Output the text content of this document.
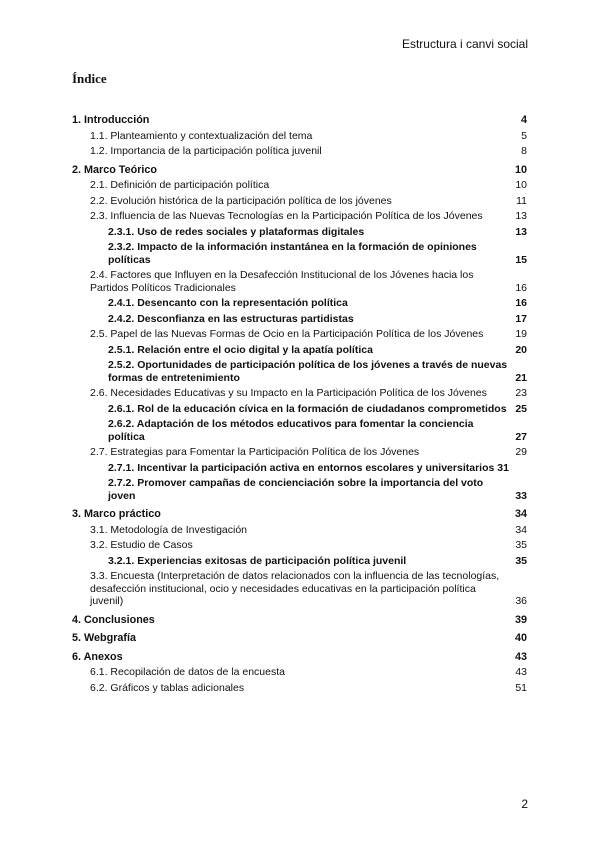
Estructura i canvi social
Índice
1. Introducción	4
1.1. Planteamiento y contextualización del tema	5
1.2. Importancia de la participación política juvenil	8
2. Marco Teórico	10
2.1. Definición de participación política	10
2.2. Evolución histórica de la participación política de los jóvenes	11
2.3. Influencia de las Nuevas Tecnologías en la Participación Política de los Jóvenes	13
2.3.1. Uso de redes sociales y plataformas digitales	13
2.3.2. Impacto de la información instantánea en la formación de opiniones políticas	15
2.4. Factores que Influyen en la Desafección Institucional de los Jóvenes hacia los Partidos Políticos Tradicionales	16
2.4.1. Desencanto con la representación política	16
2.4.2. Desconfianza en las estructuras partidistas	17
2.5. Papel de las Nuevas Formas de Ocio en la Participación Política de los Jóvenes	19
2.5.1. Relación entre el ocio digital y la apatía política	20
2.5.2. Oportunidades de participación política de los jóvenes a través de nuevas formas de entretenimiento	21
2.6. Necesidades Educativas y su Impacto en la Participación Política de los Jóvenes	23
2.6.1. Rol de la educación cívica en la formación de ciudadanos comprometidos 25
2.6.2. Adaptación de los métodos educativos para fomentar la conciencia política	27
2.7. Estrategias para Fomentar la Participación Política de los Jóvenes	29
2.7.1. Incentivar la participación activa en entornos escolares y universitarios 31
2.7.2. Promover campañas de concienciación sobre la importancia del voto joven	33
3. Marco práctico	34
3.1. Metodología de Investigación	34
3.2. Estudio de Casos	35
3.2.1. Experiencias exitosas de participación política juvenil	35
3.3. Encuesta (Interpretación de datos relacionados con la influencia de las tecnologías, desafección institucional, ocio y necesidades educativas en la participación política juvenil)	36
4. Conclusiones	39
5. Webgrafía	40
6. Anexos	43
6.1. Recopilación de datos de la encuesta	43
6.2. Gráficos y tablas adicionales	51
2
